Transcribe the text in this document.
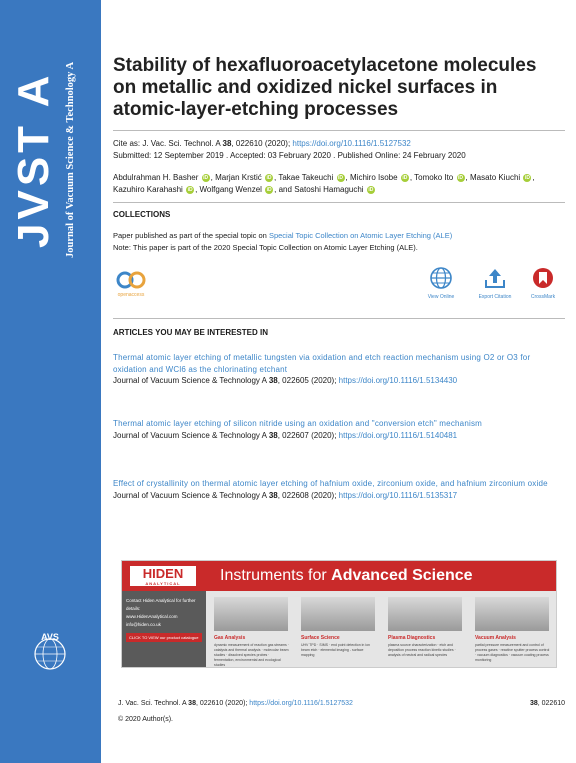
JVST A Journal of Vacuum Science & Technology A
AVS
Stability of hexafluoroacetylacetone molecules on metallic and oxidized nickel surfaces in atomic-layer-etching processes
Cite as: J. Vac. Sci. Technol. A 38, 022610 (2020); https://doi.org/10.1116/1.5127532
Submitted: 12 September 2019 . Accepted: 03 February 2020 . Published Online: 24 February 2020
Abdulrahman H. Basher iD , Marjan Krstić iD , Takae Takeuchi iD , Michiro Isobe iD , Tomoko Ito iD , Masato Kiuchi iD , Kazuhiro Karahashi iD , Wolfgang Wenzel iD , and Satoshi Hamaguchi iD
COLLECTIONS
Paper published as part of the special topic on Special Topic Collection on Atomic Layer Etching (ALE)
Note: This paper is part of the 2020 Special Topic Collection on Atomic Layer Etching (ALE).
openaccess	View Online	Export Citation	CrossMark
ARTICLES YOU MAY BE INTERESTED IN
Thermal atomic layer etching of metallic tungsten via oxidation and etch reaction mechanism using O2 or O3 for oxidation and WCl6 as the chlorinating etchant
Journal of Vacuum Science & Technology A 38, 022605 (2020); https://doi.org/10.1116/1.5134430
Thermal atomic layer etching of silicon nitride using an oxidation and "conversion etch" mechanism
Journal of Vacuum Science & Technology A 38, 022607 (2020); https://doi.org/10.1116/1.5140481
Effect of crystallinity on thermal atomic layer etching of hafnium oxide, zirconium oxide, and hafnium zirconium oxide
Journal of Vacuum Science & Technology A 38, 022608 (2020); https://doi.org/10.1116/1.5135317
HIDEN
ANALYTICAL	Instruments for Advanced Science
Contact Hiden Analytical for further details:
www.HidenAnalytical.com
info@hiden.co.uk
CLICK TO VIEW our product catalogue	Gas Analysis
dynamic measurement of reaction gas streams · catalysis and thermal analysis · molecular beam studies · dissolved species probes · fermentation, environmental and ecological studies
Surface Science
UHV TPD · SIMS · end point detection in ion beam etch · elemental imaging - surface mapping
Plasma Diagnostics
plasma source characterization · etch and deposition process reaction kinetic studies · analysis of neutral and radical species
Vacuum Analysis
partial pressure measurement and control of process gases · reactive sputter process control · vacuum diagnostics · vacuum coating process monitoring
J. Vac. Sci. Technol. A 38, 022610 (2020); https://doi.org/10.1116/1.5127532	38, 022610
© 2020 Author(s).
